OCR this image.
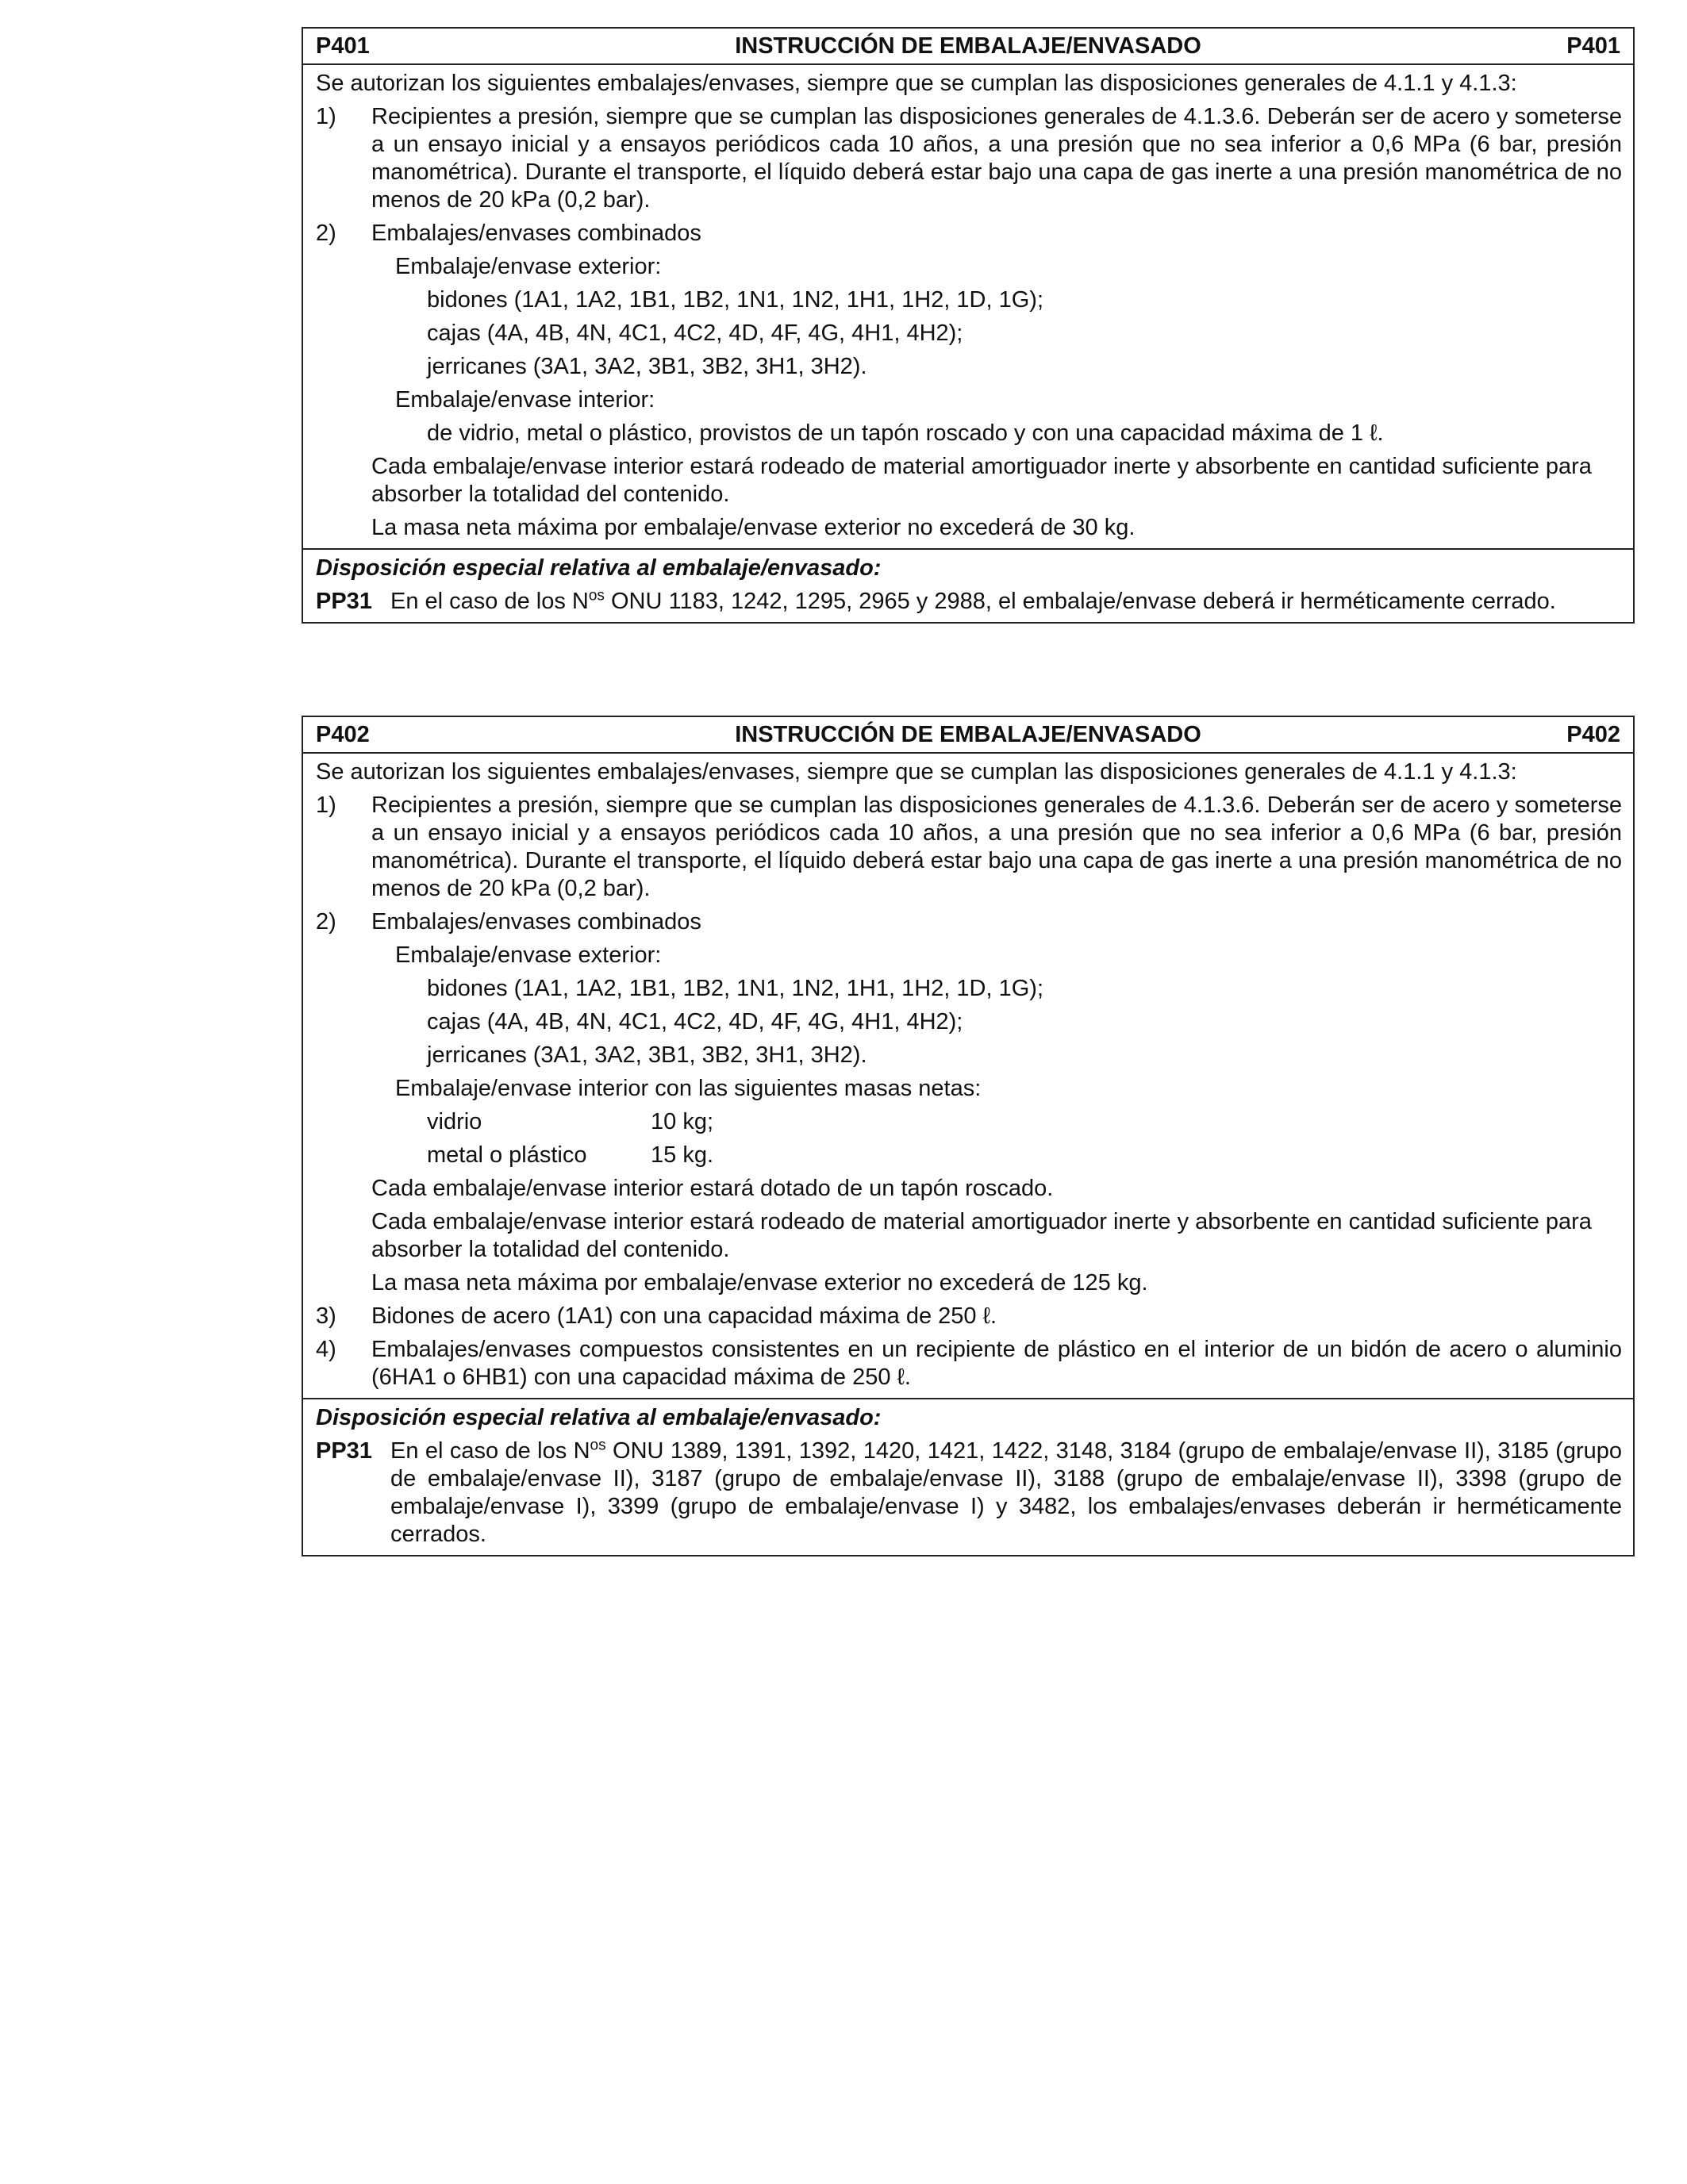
P401	INSTRUCCIÓN DE EMBALAJE/ENVASADO	P401

Se autorizan los siguientes embalajes/envases, siempre que se cumplan las disposiciones generales de 4.1.1 y 4.1.3:

1)	Recipientes a presión, siempre que se cumplan las disposiciones generales de 4.1.3.6. Deberán ser de acero y someterse a un ensayo inicial y a ensayos periódicos cada 10 años, a una presión que no sea inferior a 0,6 MPa (6 bar, presión manométrica). Durante el transporte, el líquido deberá estar bajo una capa de gas inerte a una presión manométrica de no menos de 20 kPa (0,2 bar).
2)	Embalajes/envases combinados
Embalaje/envase exterior:
bidones (1A1, 1A2, 1B1, 1B2, 1N1, 1N2, 1H1, 1H2, 1D, 1G);
cajas (4A, 4B, 4N, 4C1, 4C2, 4D, 4F, 4G, 4H1, 4H2);
jerricanes (3A1, 3A2, 3B1, 3B2, 3H1, 3H2).
Embalaje/envase interior:
de vidrio, metal o plástico, provistos de un tapón roscado y con una capacidad máxima de 1 ℓ.
Cada embalaje/envase interior estará rodeado de material amortiguador inerte y absorbente en cantidad suficiente para absorber la totalidad del contenido.
La masa neta máxima por embalaje/envase exterior no excederá de 30 kg.
Disposición especial relativa al embalaje/envasado:
PP31 En el caso de los $N^{os}$ ONU 1183, 1242, 1295, 2965 y 2988, el embalaje/envase deberá ir herméticamente cerrado.
P402	INSTRUCCIÓN DE EMBALAJE/ENVASADO	P402

Se autorizan los siguientes embalajes/envases, siempre que se cumplan las disposiciones generales de 4.1.1 y 4.1.3:

1)	Recipientes a presión, siempre que se cumplan las disposiciones generales de 4.1.3.6. Deberán ser de acero y someterse a un ensayo inicial y a ensayos periódicos cada 10 años, a una presión que no sea inferior a 0,6 MPa (6 bar, presión manométrica). Durante el transporte, el líquido deberá estar bajo una capa de gas inerte a una presión manométrica de no menos de 20 kPa (0,2 bar).
2)	Embalajes/envases combinados
Embalaje/envase exterior:
bidones (1A1, 1A2, 1B1, 1B2, 1N1, 1N2, 1H1, 1H2, 1D, 1G);
cajas (4A, 4B, 4N, 4C1, 4C2, 4D, 4F, 4G, 4H1, 4H2);
jerricanes (3A1, 3A2, 3B1, 3B2, 3H1, 3H2).
Embalaje/envase interior con las siguientes masas netas:
vidrio	10 kg;
metal o plástico	15 kg.
Cada embalaje/envase interior estará dotado de un tapón roscado.
Cada embalaje/envase interior estará rodeado de material amortiguador inerte y absorbente en cantidad suficiente para absorber la totalidad del contenido.
La masa neta máxima por embalaje/envase exterior no excederá de 125 kg.
3)	Bidones de acero (1A1) con una capacidad máxima de 250 ℓ.
4)	Embalajes/envases compuestos consistentes en un recipiente de plástico en el interior de un bidón de acero o aluminio (6HA1 o 6HB1) con una capacidad máxima de 250 ℓ.
Disposición especial relativa al embalaje/envasado:
PP31 En el caso de los $N^{os}$ ONU 1389, 1391, 1392, 1420, 1421, 1422, 3148, 3184 (grupo de embalaje/envase II), 3185 (grupo de embalaje/envase II), 3187 (grupo de embalaje/envase II), 3188 (grupo de embalaje/envase II), 3398 (grupo de embalaje/envase I), 3399 (grupo de embalaje/envase I) y 3482, los embalajes/envases deberán ir herméticamente cerrados.
